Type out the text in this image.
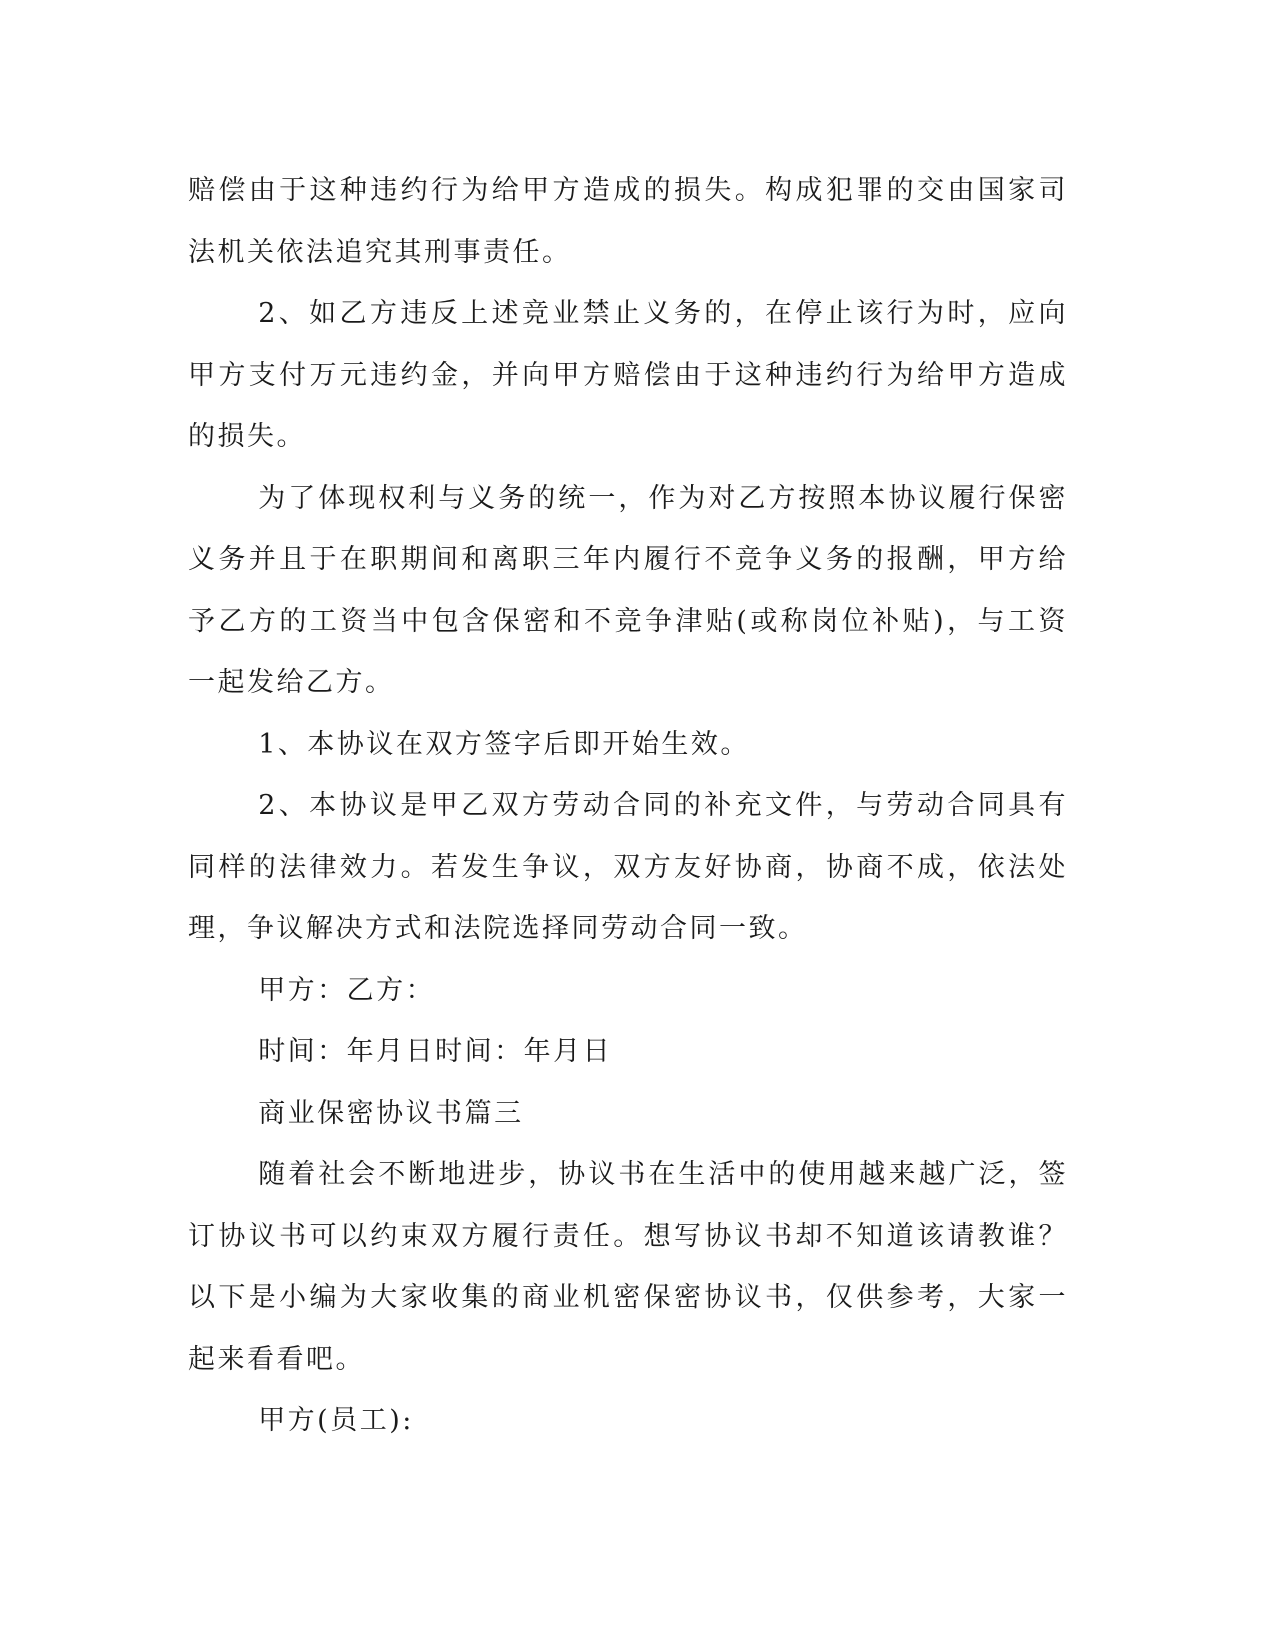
赔偿由于这种违约行为给甲方造成的损失。构成犯罪的交由国家司法机关依法追究其刑事责任。

2、如乙方违反上述竞业禁止义务的，在停止该行为时，应向甲方支付万元违约金，并向甲方赔偿由于这种违约行为给甲方造成的损失。

为了体现权利与义务的统一，作为对乙方按照本协议履行保密义务并且于在职期间和离职三年内履行不竞争义务的报酬，甲方给予乙方的工资当中包含保密和不竞争津贴(或称岗位补贴)，与工资一起发给乙方。

1、本协议在双方签字后即开始生效。

2、本协议是甲乙双方劳动合同的补充文件，与劳动合同具有同样的法律效力。若发生争议，双方友好协商，协商不成，依法处理，争议解决方式和法院选择同劳动合同一致。

甲方：乙方：

时间：年月日时间：年月日

商业保密协议书篇三

随着社会不断地进步，协议书在生活中的使用越来越广泛，签订协议书可以约束双方履行责任。想写协议书却不知道该请教谁？以下是小编为大家收集的商业机密保密协议书，仅供参考，大家一起来看看吧。

甲方(员工):
